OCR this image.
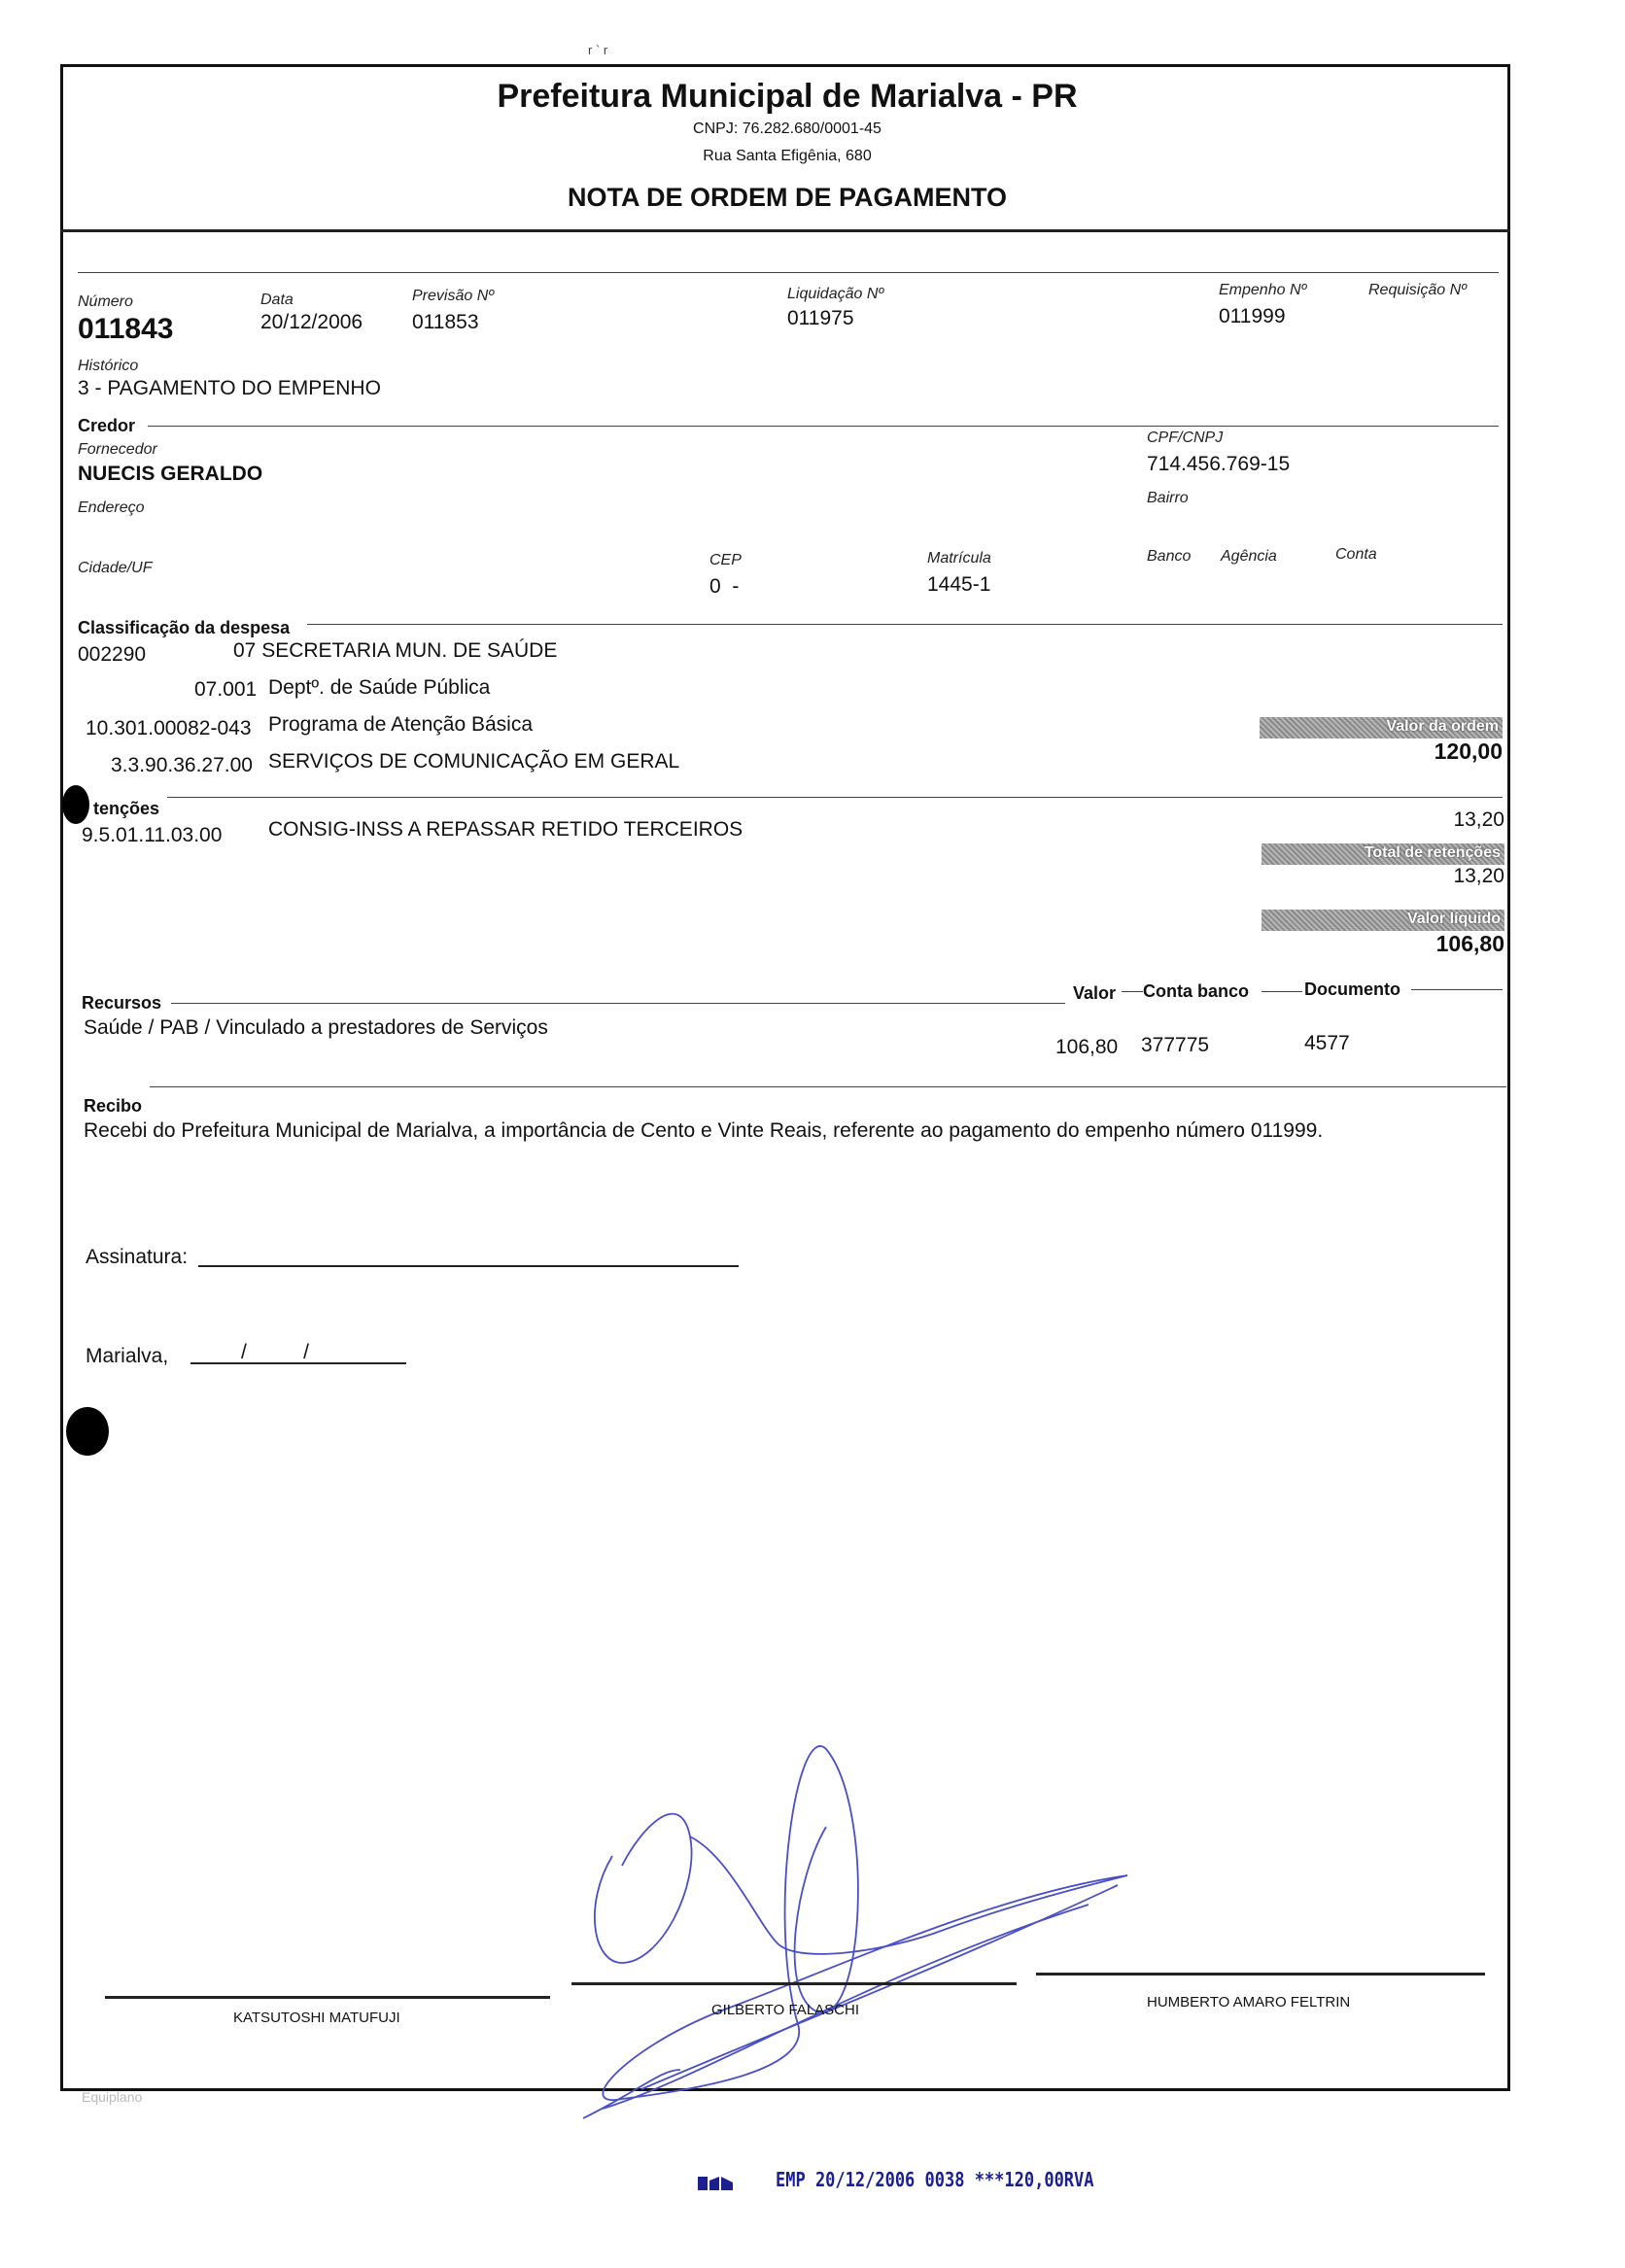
r ` r
Prefeitura Municipal de Marialva - PR
CNPJ: 76.282.680/0001-45
Rua Santa Efigênia, 680
NOTA DE ORDEM DE PAGAMENTO
Número
011843
Data
20/12/2006
Previsão Nº
011853
Liquidação Nº
011975
Empenho Nº
011999
Requisição Nº
Histórico
3 - PAGAMENTO DO EMPENHO
Credor
Fornecedor
NUECIS GERALDO
CPF/CNPJ
714.456.769-15
Endereço
Bairro
Cidade/UF	CEP
0  -
Matrícula
1445-1
Banco Agência	Conta
Classificação da despesa
002290	07 SECRETARIA MUN. DE SAÚDE
07.001 Deptº. de Saúde Pública
10.301.00082-043 Programa de Atenção Básica
3.3.90.36.27.00 SERVIÇOS DE COMUNICAÇÃO EM GERAL
Valor da ordem
120,00
tenções
9.5.01.11.03.00 CONSIG-INSS A REPASSAR RETIDO TERCEIROS	13,20
Total de retenções
13,20
Valor líquido
106,80
Recursos	Valor Conta banco	Documento
Saúde / PAB / Vinculado a prestadores de Serviços
106,80 377775	4577
Recibo
Recebi do Prefeitura Municipal de Marialva, a importância de Cento e Vinte Reais, referente ao pagamento do empenho número 011999.
Assinatura:
Marialva,	/          /
KATSUTOSHI MATUFUJI	GILBERTO FALASCHI	HUMBERTO AMARO FELTRIN
Equiplano
EMP 20/12/2006 0038 ***120,00RVA
